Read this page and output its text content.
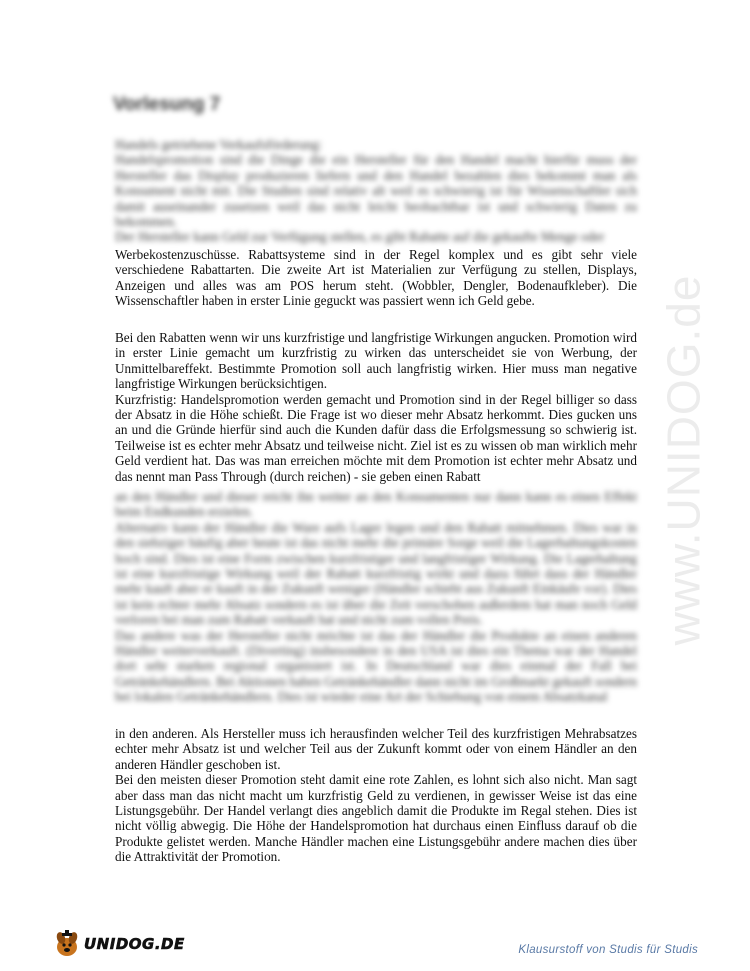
Vorlesung 7

Handels getriebene Verkaufsförderung:

Handelspromotion sind die Dinge die ein Hersteller für den Handel macht hierfür muss der Hersteller das Display produzieren liefern und den Handel bezahlen dies bekommt man als Konsument nicht mit. Die Studien sind relativ alt weil es schwierig ist für Wissenschaftler sich damit auseinander zusetzen weil das nicht leicht beobachtbar ist und schwierig Daten zu bekommen.

Der Hersteller kann Geld zur Verfügung stellen, es gibt Rabatte auf die gekaufte Menge oder

Werbekostenzuschüsse. Rabattsysteme sind in der Regel komplex und es gibt sehr viele verschiedene Rabattarten. Die zweite Art ist Materialien zur Verfügung zu stellen, Displays, Anzeigen und alles was am POS herum steht. (Wobbler, Dengler, Bodenaufkleber). Die Wissenschaftler haben in erster Linie geguckt was passiert wenn ich Geld gebe.

Bei den Rabatten wenn wir uns kurzfristige und langfristige Wirkungen angucken. Promotion wird in erster Linie gemacht um kurzfristig zu wirken das unterscheidet sie von Werbung, der Unmittelbareffekt. Bestimmte Promotion soll auch langfristig wirken. Hier muss man negative langfristige Wirkungen berücksichtigen.

Kurzfristig: Handelspromotion werden gemacht und Promotion sind in der Regel billiger so dass der Absatz in die Höhe schießt. Die Frage ist wo dieser mehr Absatz herkommt. Dies gucken uns an und die Gründe hierfür sind auch die Kunden dafür dass die Erfolgsmessung so schwierig ist. Teilweise ist es echter mehr Absatz und teilweise nicht. Ziel ist es zu wissen ob man wirklich mehr Geld verdient hat. Das was man erreichen möchte mit dem Promotion ist echter mehr Absatz und das nennt man Pass Through (durch reichen) - sie geben einen Rabatt

an den Händler und dieser reicht ihn weiter an den Konsumenten nur dann kann es einen Effekt beim Endkunden erzielen.

Alternativ kann der Händler die Ware aufs Lager legen und den Rabatt mitnehmen. Dies war in den siebziger häufig aber heute ist das nicht mehr die primäre Sorge weil die Lagerhaltungskosten hoch sind. Dies ist eine Form zwischen kurzfristiger und langfristiger Wirkung. Die Lagerhaltung ist eine kurzfristige Wirkung weil der Rabatt kurzfristig wirkt und dazu führt dass der Händler mehr kauft aber er kauft in der Zukunft weniger (Händler schiebt aus Zukunft Einkäufe vor). Dies ist kein echter mehr Absatz sondern es ist über die Zeit verschoben außerdem hat man noch Geld verloren bei man zum Rabatt verkauft hat und nicht zum vollen Preis.

Das andere was der Hersteller nicht möchte ist das der Händler die Produkte an einen anderen Händler weiterverkauft. (Diverting) insbesondere in den USA ist dies ein Thema war der Handel dort sehr starken regional organisiert ist. In Deutschland war dies einmal der Fall bei Getränkehändlern. Bei Aktionen haben Getränkehändler dann nicht im Großmarkt gekauft sondern bei lokalen Getränkehändlern. Dies ist wieder eine Art der Schiebung von einem Absatzkanal

in den anderen. Als Hersteller muss ich herausfinden welcher Teil des kurzfristigen Mehrabsatzes echter mehr Absatz ist und welcher Teil aus der Zukunft kommt oder von einem Händler an den anderen Händler geschoben ist.

Bei den meisten dieser Promotion steht damit eine rote Zahlen, es lohnt sich also nicht. Man sagt aber dass man das nicht macht um kurzfristig Geld zu verdienen, in gewisser Weise ist das eine Listungsgebühr. Der Handel verlangt dies angeblich damit die Produkte im Regal stehen. Dies ist nicht völlig abwegig. Die Höhe der Handelspromotion hat durchaus einen Einfluss darauf ob die Produkte gelistet werden. Manche Händler machen eine Listungsgebühr andere machen dies über die Attraktivität der Promotion.

www.UNIDOG.de
UNIDOG.DE	Klausurstoff von Studis für Studis
